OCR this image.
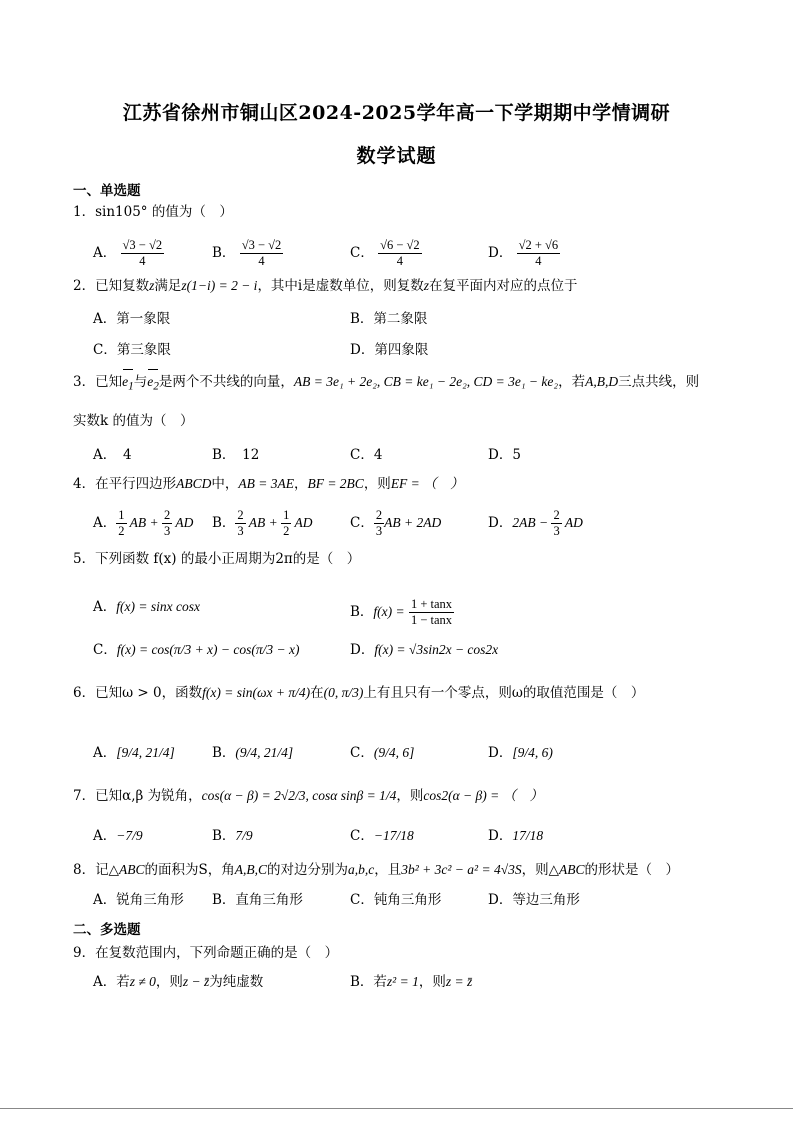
江苏省徐州市铜山区2024-2025学年高一下学期期中学情调研
数学试题
一、单选题
1．sin105° 的值为（　）
A． $\frac{√3 - √2}{4}$	B． $\frac{√3 - √2}{4}$	C． $\frac{√6 - √2}{4}$	D． $\frac{√2 + √6}{4}$
2．已知复数z满足z(1−i) = 2 − i，其中i是虚数单位，则复数z在复平面内对应的点位于
A．第一象限	B．第二象限
C．第三象限	D．第四象限
3．已知$e_1$与$e_2$是两个不共线的向量，AB = 3e₁ + 2e₂, CB = ke₁ − 2e₂, CD = 3e₁ − ke₂，若A,B,D三点共线，则
实数k 的值为（　）
A．　4	B．　12	C．4	D．5
4．在平行四边形ABCD中，AB = 3AE，BF = 2BC，则EF = （　）
A． $\frac{1}{2}$ AB + $\frac{2}{3}$ AD B． $\frac{2}{3}$ AB + $\frac{1}{2}$ AD	C． $\frac{2}{3}$ AB + 2AD	D．$2AB - \frac{2}{3}$ AD
5．下列函数 f(x) 的最小正周期为2π的是（　）
A．f(x) = sinx cosx	B．$f(x) = \frac{1 + \tan x}{1 - \tan x}$
C．f(x) = cos(π/3 + x) − cos(π/3 − x)	D．f(x) = √3sin2x − cos2x
6．已知ω > 0，函数f(x) = sin(ωx + π/4)在(0, π/3)上有且只有一个零点，则ω的取值范围是（　）
A．[9/4, 21/4]	B．(9/4, 21/4]	C．(9/4, 6]	D．[9/4, 6)
7．已知α,β 为锐角，cos(α − β) = 2√2/3, cosα sinβ = 1/4，则cos2(α − β) = （　）
A．−7/9	B．7/9	C．−17/18	D．17/18
8．记△ABC的面积为S，角A,B,C的对边分别为a,b,c，且3b² + 3c² − a² = 4√3S，则△ABC的形状是（　）
A．锐角三角形 B．直角三角形	C．钝角三角形	D．等边三角形
二、多选题
9．在复数范围内，下列命题正确的是（　）
A．若z ≠ 0，则z − z̄为纯虚数	B．若z² = 1，则z = z̄
